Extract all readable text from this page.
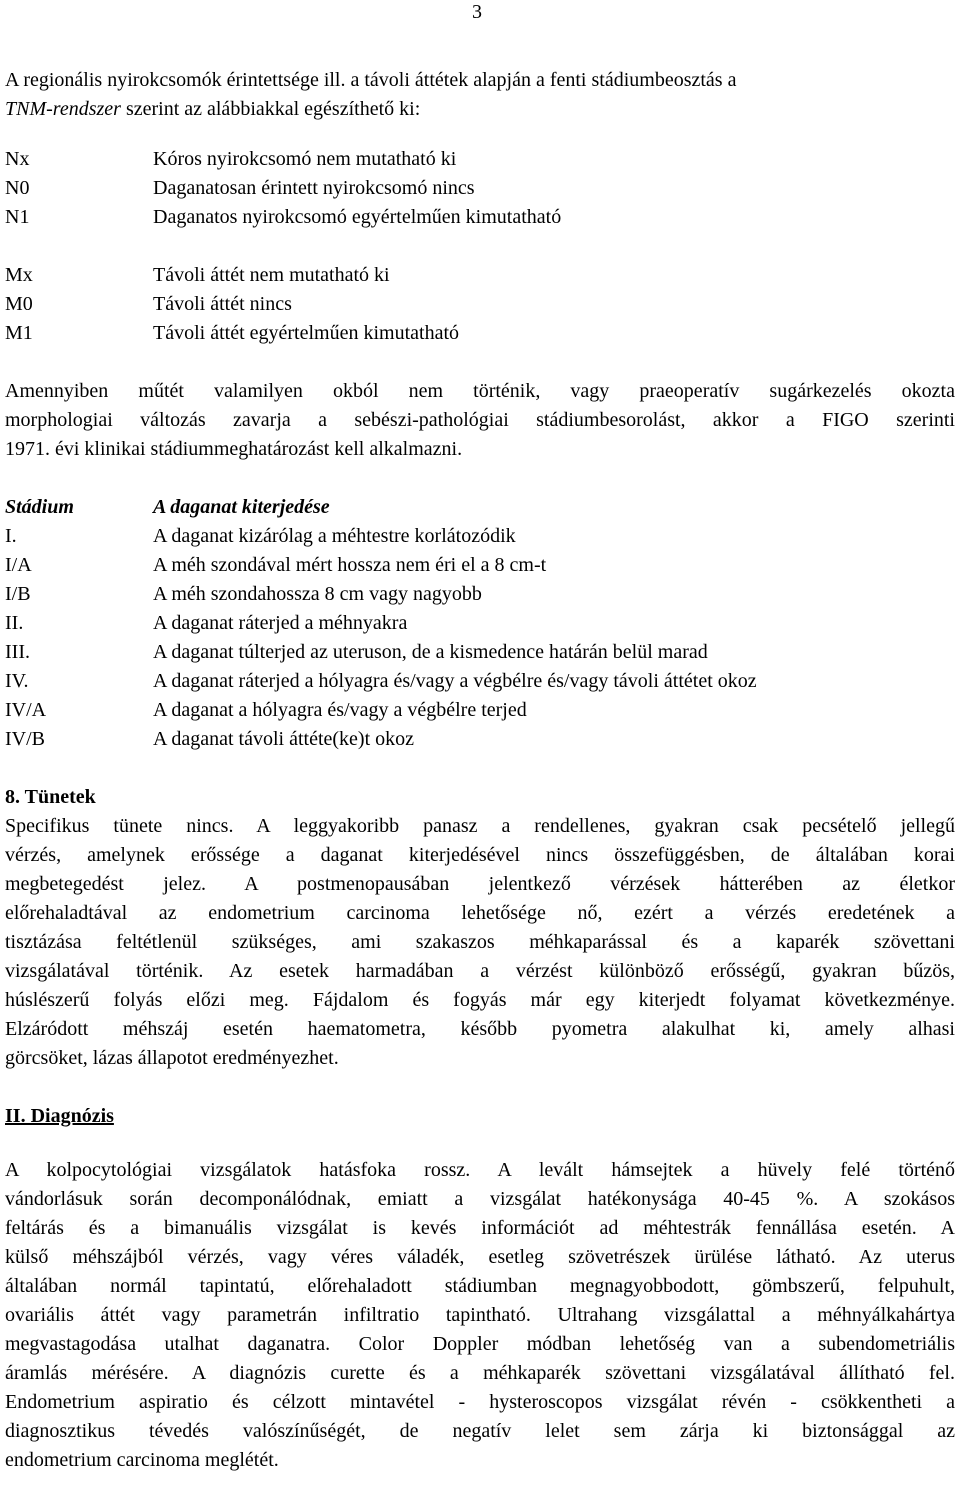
3
A regionális nyirokcsomók érintettsége ill. a távoli áttétek alapján a fenti stádiumbeosztás a
TNM-rendszer szerint az alábbiakkal egészíthető ki:
Nx	Kóros nyirokcsomó nem mutatható ki
N0	Daganatosan érintett nyirokcsomó nincs
N1	Daganatos nyirokcsomó egyértelműen kimutatható
Mx	Távoli áttét nem mutatható ki
M0	Távoli áttét nincs
M1	Távoli áttét egyértelműen kimutatható
Amennyiben műtét valamilyen okból nem történik, vagy praeoperatív sugárkezelés okozta
morphologiai változás zavarja a sebészi-pathológiai stádiumbesorolást, akkor a FIGO szerinti
1971. évi klinikai stádiummeghatározást kell alkalmazni.
Stádium	A daganat kiterjedése
I.	A daganat kizárólag a méhtestre korlátozódik
I/A	A méh szondával mért hossza nem éri el a 8 cm-t
I/B	A méh szondahossza 8 cm vagy nagyobb
II.	A daganat ráterjed a méhnyakra
III.	A daganat túlterjed az uteruson, de a kismedence határán belül marad
IV.	A daganat ráterjed a hólyagra és/vagy a végbélre és/vagy távoli áttétet okoz
IV/A	A daganat a hólyagra és/vagy a végbélre terjed
IV/B	A daganat távoli áttéte(ke)t okoz
8. Tünetek
Specifikus tünete nincs. A leggyakoribb panasz a rendellenes, gyakran csak pecsételő jellegű
vérzés, amelynek erőssége a daganat kiterjedésével nincs összefüggésben, de általában korai
megbetegedést jelez. A postmenopausában jelentkező vérzések hátterében az életkor
előrehaladtával az endometrium carcinoma lehetősége nő, ezért a vérzés eredetének a
tisztázása feltétlenül szükséges, ami szakaszos méhkaparással és a kaparék szövettani
vizsgálatával történik. Az esetek harmadában a vérzést különböző erősségű, gyakran bűzös,
húslészerű folyás előzi meg. Fájdalom és fogyás már egy kiterjedt folyamat következménye.
Elzáródott méhszáj esetén haematometra, később pyometra alakulhat ki, amely alhasi
görcsöket, lázas állapotot eredményezhet.
II. Diagnózis
A kolpocytológiai vizsgálatok hatásfoka rossz. A levált hámsejtek a hüvely felé történő
vándorlásuk során decomponálódnak, emiatt a vizsgálat hatékonysága 40-45 %. A szokásos
feltárás és a bimanuális vizsgálat is kevés információt ad méhtestrák fennállása esetén. A
külső méhszájból vérzés, vagy véres váladék, esetleg szövetrészek ürülése látható. Az uterus
általában normál tapintatú, előrehaladott stádiumban megnagyobbodott, gömbszerű, felpuhult,
ovariális áttét vagy parametrán infiltratio tapintható. Ultrahang vizsgálattal a méhnyálkahártya
megvastagodása utalhat daganatra. Color Doppler módban lehetőség van a subendometriális
áramlás mérésére. A diagnózis curette és a méhkaparék szövettani vizsgálatával állítható fel.
Endometrium aspiratio és célzott mintavétel - hysteroscopos vizsgálat révén - csökkentheti a
diagnosztikus tévedés valószínűségét, de negatív lelet sem zárja ki biztonsággal az
endometrium carcinoma meglétét.
